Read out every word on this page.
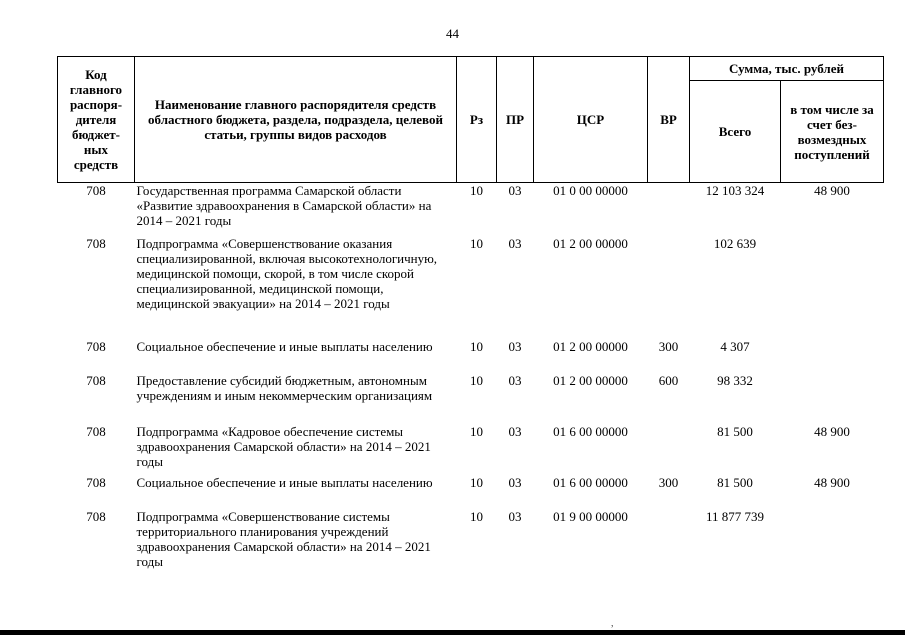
44
Код главного распоря- дителя бюджет- ных средств	Наименование главного распорядителя средств областного бюджета, раздела, подраздела, целевой статьи, группы видов расходов	Рз	ПР	ЦСР	ВР	Сумма, тыс. рублей	
						Всего	в том числе за счет без- возмездных поступлений
708	Государственная программа Самарской области «Развитие здравоохранения в Самарской области» на 2014 – 2021 годы	10	03	01 0 00 00000		12 103 324	48 900
708	Подпрограмма «Совершенствование оказания специализированной, включая высокотехнологичную, медицинской помощи, скорой, в том числе скорой специализированной, медицинской помощи, медицинской эвакуации» на 2014 – 2021 годы	10	03	01 2 00 00000		102 639	
708	Социальное обеспечение и иные выплаты населению	10	03	01 2 00 00000	300	4 307	
708	Предоставление субсидий бюджетным, автономным учреждениям и иным некоммерческим организациям	10	03	01 2 00 00000	600	98 332	
708	Подпрограмма «Кадровое обеспечение системы здравоохранения Самарской области» на 2014 – 2021 годы	10	03	01 6 00 00000		81 500	48 900
708	Социальное обеспечение и иные выплаты населению	10	03	01 6 00 00000	300	81 500	48 900
708	Подпрограмма «Совершенствование системы территориального планирования учреждений здравоохранения Самарской области» на 2014 – 2021 годы	10	03	01 9 00 00000		11 877 739	
,
